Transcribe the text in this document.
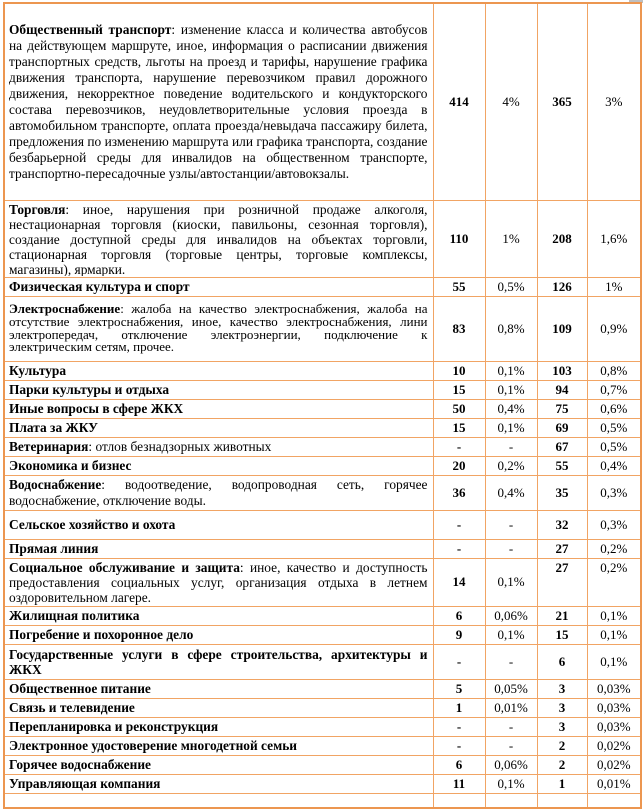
Общественный транспорт: изменение класса и количества автобусов на действующем маршруте, иное, информация о расписании движения транспортных средств, льготы на проезд и тарифы, нарушение графика движения транспорта, нарушение перевозчиком правил дорожного движения, некорректное поведение водительского и кондукторского состава перевозчиков, неудовлетворительные условия проезда в автомобильном транспорте, оплата проезда/невыдача пассажиру билета, предложения по изменению маршрута или графика транспорта, создание безбарьерной среды для инвалидов на общественном транспорте, транспортно-пересадочные узлы/автостанции/автовокзалы.	414	4%	365	3%

Торговля: иное, нарушения при розничной продаже алкоголя, нестационарная торговля (киоски, павильоны, сезонная торговля), создание доступной среды для инвалидов на объектах торговли, стационарная торговля (торговые центры, торговые комплексы, магазины), ярмарки.	110	1%	208	1,6%

Физическая культура и спорт	55	0,5%	126	1%

Электроснабжение: жалоба на качество электроснабжения, жалоба на отсутствие электроснабжения, иное, качество электроснабжения, лини электропередач, отключение электроэнергии, подключение к электрическим сетям, прочее.	83	0,8%	109	0,9%

Культура	10	0,1%	103	0,8%

Парки культуры и отдыха	15	0,1%	94	0,7%

Иные вопросы в сфере ЖКХ	50	0,4%	75	0,6%

Плата за ЖКУ	15	0,1%	69	0,5%

Ветеринария: отлов безнадзорных животных	-	-	67	0,5%

Экономика и бизнес	20	0,2%	55	0,4%

Водоснабжение: водоотведение, водопроводная сеть, горячее водоснабжение, отключение воды.	36	0,4%	35	0,3%

Сельское хозяйство и охота	-	-	32	0,3%

Прямая линия	-	-	27	0,2%

Социальное обслуживание и защита: иное, качество и доступность предоставления социальных услуг, организация отдыха в летнем оздоровительном лагере.	14	0,1%	27	0,2%

Жилищная политика	6	0,06%	21	0,1%

Погребение и похоронное дело	9	0,1%	15	0,1%

Государственные услуги в сфере строительства, архитектуры и ЖКХ	-	-	6	0,1%

Общественное питание	5	0,05%	3	0,03%

Связь и телевидение	1	0,01%	3	0,03%

Перепланировка и реконструкция	-	-	3	0,03%

Электронное удостоверение многодетной семьи	-	-	2	0,02%

Горячее водоснабжение	6	0,06%	2	0,02%

Управляющая компания	11	0,1%	1	0,01%
